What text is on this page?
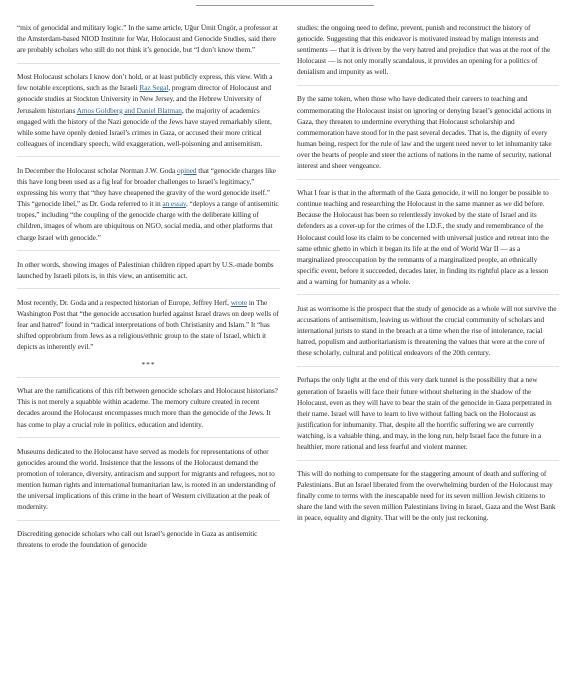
“mix of genocidal and military logic.” In the same article, Uğur Ümit Üngör, a professor at the Amsterdam-based NIOD Institute for War, Holocaust and Genocide Studies, said there are probably scholars who still do not think it’s genocide, but “I don’t know them.”

Most Holocaust scholars I know don’t hold, or at least publicly express, this view. With a few notable exceptions, such as the Israeli Raz Segal, program director of Holocaust and genocide studies at Stockton University in New Jersey, and the Hebrew University of Jerusalem historians Amos Goldberg and Daniel Blatman, the majority of academics engaged with the history of the Nazi genocide of the Jews have stayed remarkably silent, while some have openly denied Israel’s crimes in Gaza, or accused their more critical colleagues of incendiary speech, wild exaggeration, well-poisoning and antisemitism.

In December the Holocaust scholar Norman J.W. Goda opined that “genocide charges like this have long been used as a fig leaf for broader challenges to Israel’s legitimacy,” expressing his worry that “they have cheapened the gravity of the word genocide itself.” This “genocide libel,” as Dr. Goda referred to it in an essay, “deploys a range of antisemitic tropes,” including “the coupling of the genocide charge with the deliberate killing of children, images of whom are ubiquitous on NGO, social media, and other platforms that charge Israel with genocide.”

In other words, showing images of Palestinian children ripped apart by U.S.-made bombs launched by Israeli pilots is, in this view, an antisemitic act.

Most recently, Dr. Goda and a respected historian of Europe, Jeffrey Herf, wrote in The Washington Post that “the genocide accusation hurled against Israel draws on deep wells of fear and hatred” found in “radical interpretations of both Christianity and Islam.” It “has shifted opprobrium from Jews as a religious/ethnic group to the state of Israel, which it depicts as inherently evil.”

***

What are the ramifications of this rift between genocide scholars and Holocaust historians? This is not merely a squabble within academe. The memory culture created in recent decades around the Holocaust encompasses much more than the genocide of the Jews. It has come to play a crucial role in politics, education and identity.

Museums dedicated to the Holocaust have served as models for representations of other genocides around the world. Insistence that the lessons of the Holocaust demand the promotion of tolerance, diversity, antiracism and support for migrants and refugees, not to mention human rights and international humanitarian law, is rooted in an understanding of the universal implications of this crime in the heart of Western civilization at the peak of modernity.

Discrediting genocide scholars who call out Israel’s genocide in Gaza as antisemitic threatens to erode the foundation of genocide

studies: the ongoing need to define, prevent, punish and reconstruct the history of genocide. Suggesting that this endeavor is motivated instead by malign interests and sentiments — that it is driven by the very hatred and prejudice that was at the root of the Holocaust — is not only morally scandalous, it provides an opening for a politics of denialism and impunity as well.

By the same token, when those who have dedicated their careers to teaching and commemorating the Holocaust insist on ignoring or denying Israel’s genocidal actions in Gaza, they threaten to undermine everything that Holocaust scholarship and commemoration have stood for in the past several decades. That is, the dignity of every human being, respect for the rule of law and the urgent need never to let inhumanity take over the hearts of people and steer the actions of nations in the name of security, national interest and sheer vengeance.

What I fear is that in the aftermath of the Gaza genocide, it will no longer be possible to continue teaching and researching the Holocaust in the same manner as we did before. Because the Holocaust has been so relentlessly invoked by the state of Israel and its defenders as a cover-up for the crimes of the I.D.F., the study and remembrance of the Holocaust could lose its claim to be concerned with universal justice and retreat into the same ethnic ghetto in which it began its life at the end of World War II — as a marginalized preoccupation by the remnants of a marginalized people, an ethnically specific event, before it succeeded, decades later, in finding its rightful place as a lesson and a warning for humanity as a whole.

Just as worrisome is the prospect that the study of genocide as a whole will not survive the accusations of antisemitism, leaving us without the crucial community of scholars and international jurists to stand in the breach at a time when the rise of intolerance, racial hatred, populism and authoritarianism is threatening the values that were at the core of these scholarly, cultural and political endeavors of the 20th century.

Perhaps the only light at the end of this very dark tunnel is the possibility that a new generation of Israelis will face their future without sheltering in the shadow of the Holocaust, even as they will have to bear the stain of the genocide in Gaza perpetrated in their name. Israel will have to learn to live without falling back on the Holocaust as justification for inhumanity. That, despite all the horrific suffering we are currently watching, is a valuable thing, and may, in the long run, help Israel face the future in a healthier, more rational and less fearful and violent manner.

This will do nothing to compensate for the staggering amount of death and suffering of Palestinians. But an Israel liberated from the overwhelming burden of the Holocaust may finally come to terms with the inescapable need for its seven million Jewish citizens to share the land with the seven million Palestinians living in Israel, Gaza and the West Bank in peace, equality and dignity. That will be the only just reckoning.
